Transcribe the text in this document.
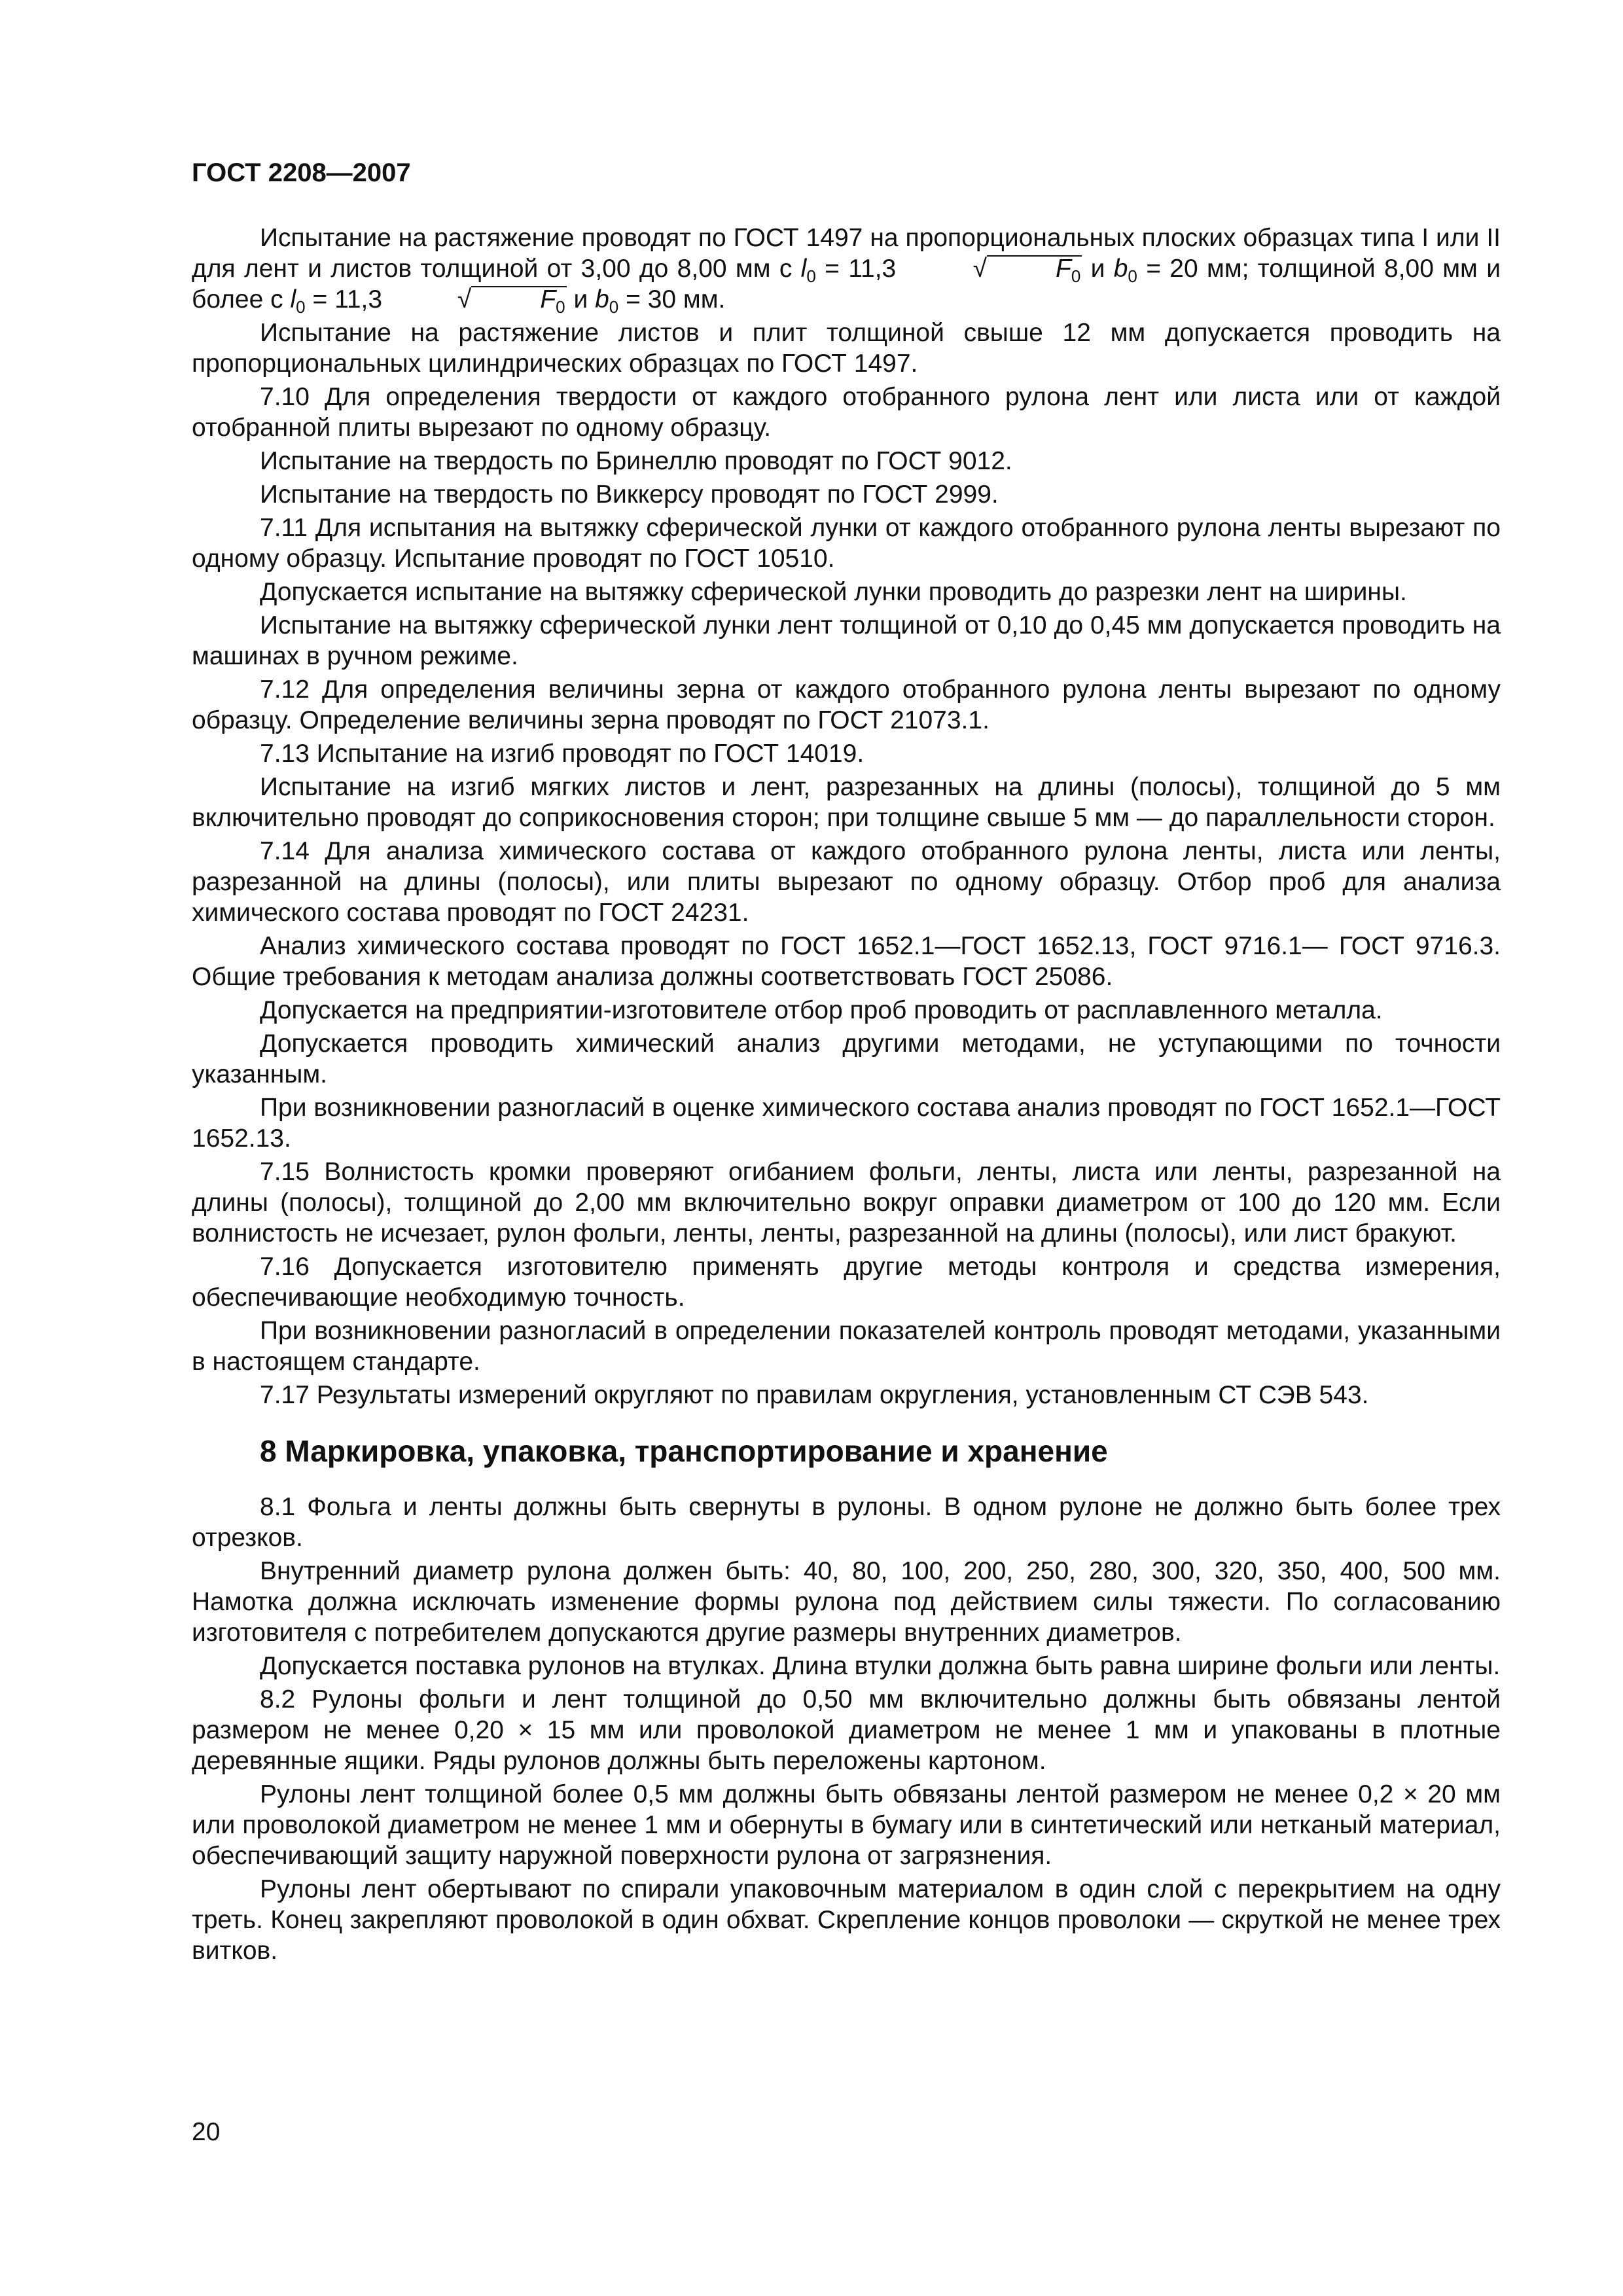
ГОСТ 2208—2007

Испытание на растяжение проводят по ГОСТ 1497 на пропорциональных плоских образцах типа I или II для лент и листов толщиной от 3,00 до 8,00 мм с $l_0 = 11,3$	√	$F_0$ и $b_0 = 20$ мм; толщиной 8,00 мм и более с $l_0 = 11,3$	√	$F_0$ и $b_0 = 30$ мм.

Испытание на растяжение листов и плит толщиной свыше 12 мм допускается проводить на пропорциональных цилиндрических образцах по ГОСТ 1497.

7.10 Для определения твердости от каждого отобранного рулона лент или листа или от каждой отобранной плиты вырезают по одному образцу.

Испытание на твердость по Бринеллю проводят по ГОСТ 9012.

Испытание на твердость по Виккерсу проводят по ГОСТ 2999.

7.11 Для испытания на вытяжку сферической лунки от каждого отобранного рулона ленты вырезают по одному образцу. Испытание проводят по ГОСТ 10510.

Допускается испытание на вытяжку сферической лунки проводить до разрезки лент на ширины.

Испытание на вытяжку сферической лунки лент толщиной от 0,10 до 0,45 мм допускается проводить на машинах в ручном режиме.

7.12 Для определения величины зерна от каждого отобранного рулона ленты вырезают по одному образцу. Определение величины зерна проводят по ГОСТ 21073.1.

7.13 Испытание на изгиб проводят по ГОСТ 14019.

Испытание на изгиб мягких листов и лент, разрезанных на длины (полосы), толщиной до 5 мм включительно проводят до соприкосновения сторон; при толщине свыше 5 мм — до параллельности сторон.

7.14 Для анализа химического состава от каждого отобранного рулона ленты, листа или ленты, разрезанной на длины (полосы), или плиты вырезают по одному образцу. Отбор проб для анализа химического состава проводят по ГОСТ 24231.

Анализ химического состава проводят по ГОСТ 1652.1—ГОСТ 1652.13, ГОСТ 9716.1— ГОСТ 9716.3. Общие требования к методам анализа должны соответствовать ГОСТ 25086.

Допускается на предприятии-изготовителе отбор проб проводить от расплавленного металла.

Допускается проводить химический анализ другими методами, не уступающими по точности указанным.

При возникновении разногласий в оценке химического состава анализ проводят по ГОСТ 1652.1—ГОСТ 1652.13.

7.15 Волнистость кромки проверяют огибанием фольги, ленты, листа или ленты, разрезанной на длины (полосы), толщиной до 2,00 мм включительно вокруг оправки диаметром от 100 до 120 мм. Если волнистость не исчезает, рулон фольги, ленты, ленты, разрезанной на длины (полосы), или лист бракуют.

7.16 Допускается изготовителю применять другие методы контроля и средства измерения, обеспечивающие необходимую точность.

При возникновении разногласий в определении показателей контроль проводят методами, указанными в настоящем стандарте.

7.17 Результаты измерений округляют по правилам округления, установленным СТ СЭВ 543.

8 Маркировка, упаковка, транспортирование и хранение

8.1 Фольга и ленты должны быть свернуты в рулоны. В одном рулоне не должно быть более трех отрезков.

Внутренний диаметр рулона должен быть: 40, 80, 100, 200, 250, 280, 300, 320, 350, 400, 500 мм. Намотка должна исключать изменение формы рулона под действием силы тяжести. По согласованию изготовителя с потребителем допускаются другие размеры внутренних диаметров.

Допускается поставка рулонов на втулках. Длина втулки должна быть равна ширине фольги или ленты.

8.2 Рулоны фольги и лент толщиной до 0,50 мм включительно должны быть обвязаны лентой размером не менее 0,20 × 15 мм или проволокой диаметром не менее 1 мм и упакованы в плотные деревянные ящики. Ряды рулонов должны быть переложены картоном.

Рулоны лент толщиной более 0,5 мм должны быть обвязаны лентой размером не менее 0,2 × 20 мм или проволокой диаметром не менее 1 мм и обернуты в бумагу или в синтетический или нетканый материал, обеспечивающий защиту наружной поверхности рулона от загрязнения.

Рулоны лент обертывают по спирали упаковочным материалом в один слой с перекрытием на одну треть. Конец закрепляют проволокой в один обхват. Скрепление концов проволоки — скруткой не менее трех витков.

20
